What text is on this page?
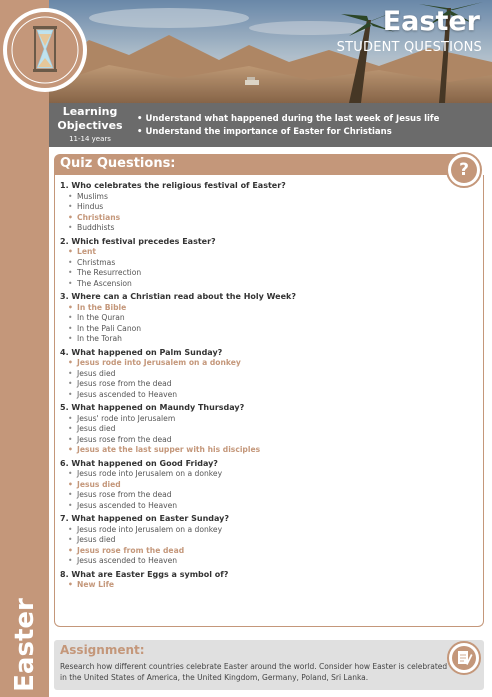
Easter
Easter
STUDENT QUESTIONS
Learning
Objectives
11-14 years
• Understand what happened during the last week of Jesus life
• Understand the importance of Easter for Christians
Quiz Questions:	?
1. Who celebrates the religious festival of Easter?
• Muslims
• Hindus
• Christians
• Buddhists
2. Which festival precedes Easter?
• Lent
• Christmas
• The Resurrection
• The Ascension
3. Where can a Christian read about the Holy Week?
• In the Bible
• In the Quran
• In the Pali Canon
• In the Torah
4. What happened on Palm Sunday?
• Jesus rode into Jerusalem on a donkey
• Jesus died
• Jesus rose from the dead
• Jesus ascended to Heaven
5. What happened on Maundy Thursday?
• Jesus' rode into Jerusalem
• Jesus died
• Jesus rose from the dead
• Jesus ate the last supper with his disciples
6. What happened on Good Friday?
• Jesus rode into Jerusalem on a donkey
• Jesus died
• Jesus rose from the dead
• Jesus ascended to Heaven
7. What happened on Easter Sunday?
• Jesus rode into Jerusalem on a donkey
• Jesus died
• Jesus rose from the dead
• Jesus ascended to Heaven
8. What are Easter Eggs a symbol of?
• New Life
Assignment:
Research how different countries celebrate Easter around the world. Consider how Easter is celebrated in the United States of America, the United Kingdom, Germany, Poland, Sri Lanka.
